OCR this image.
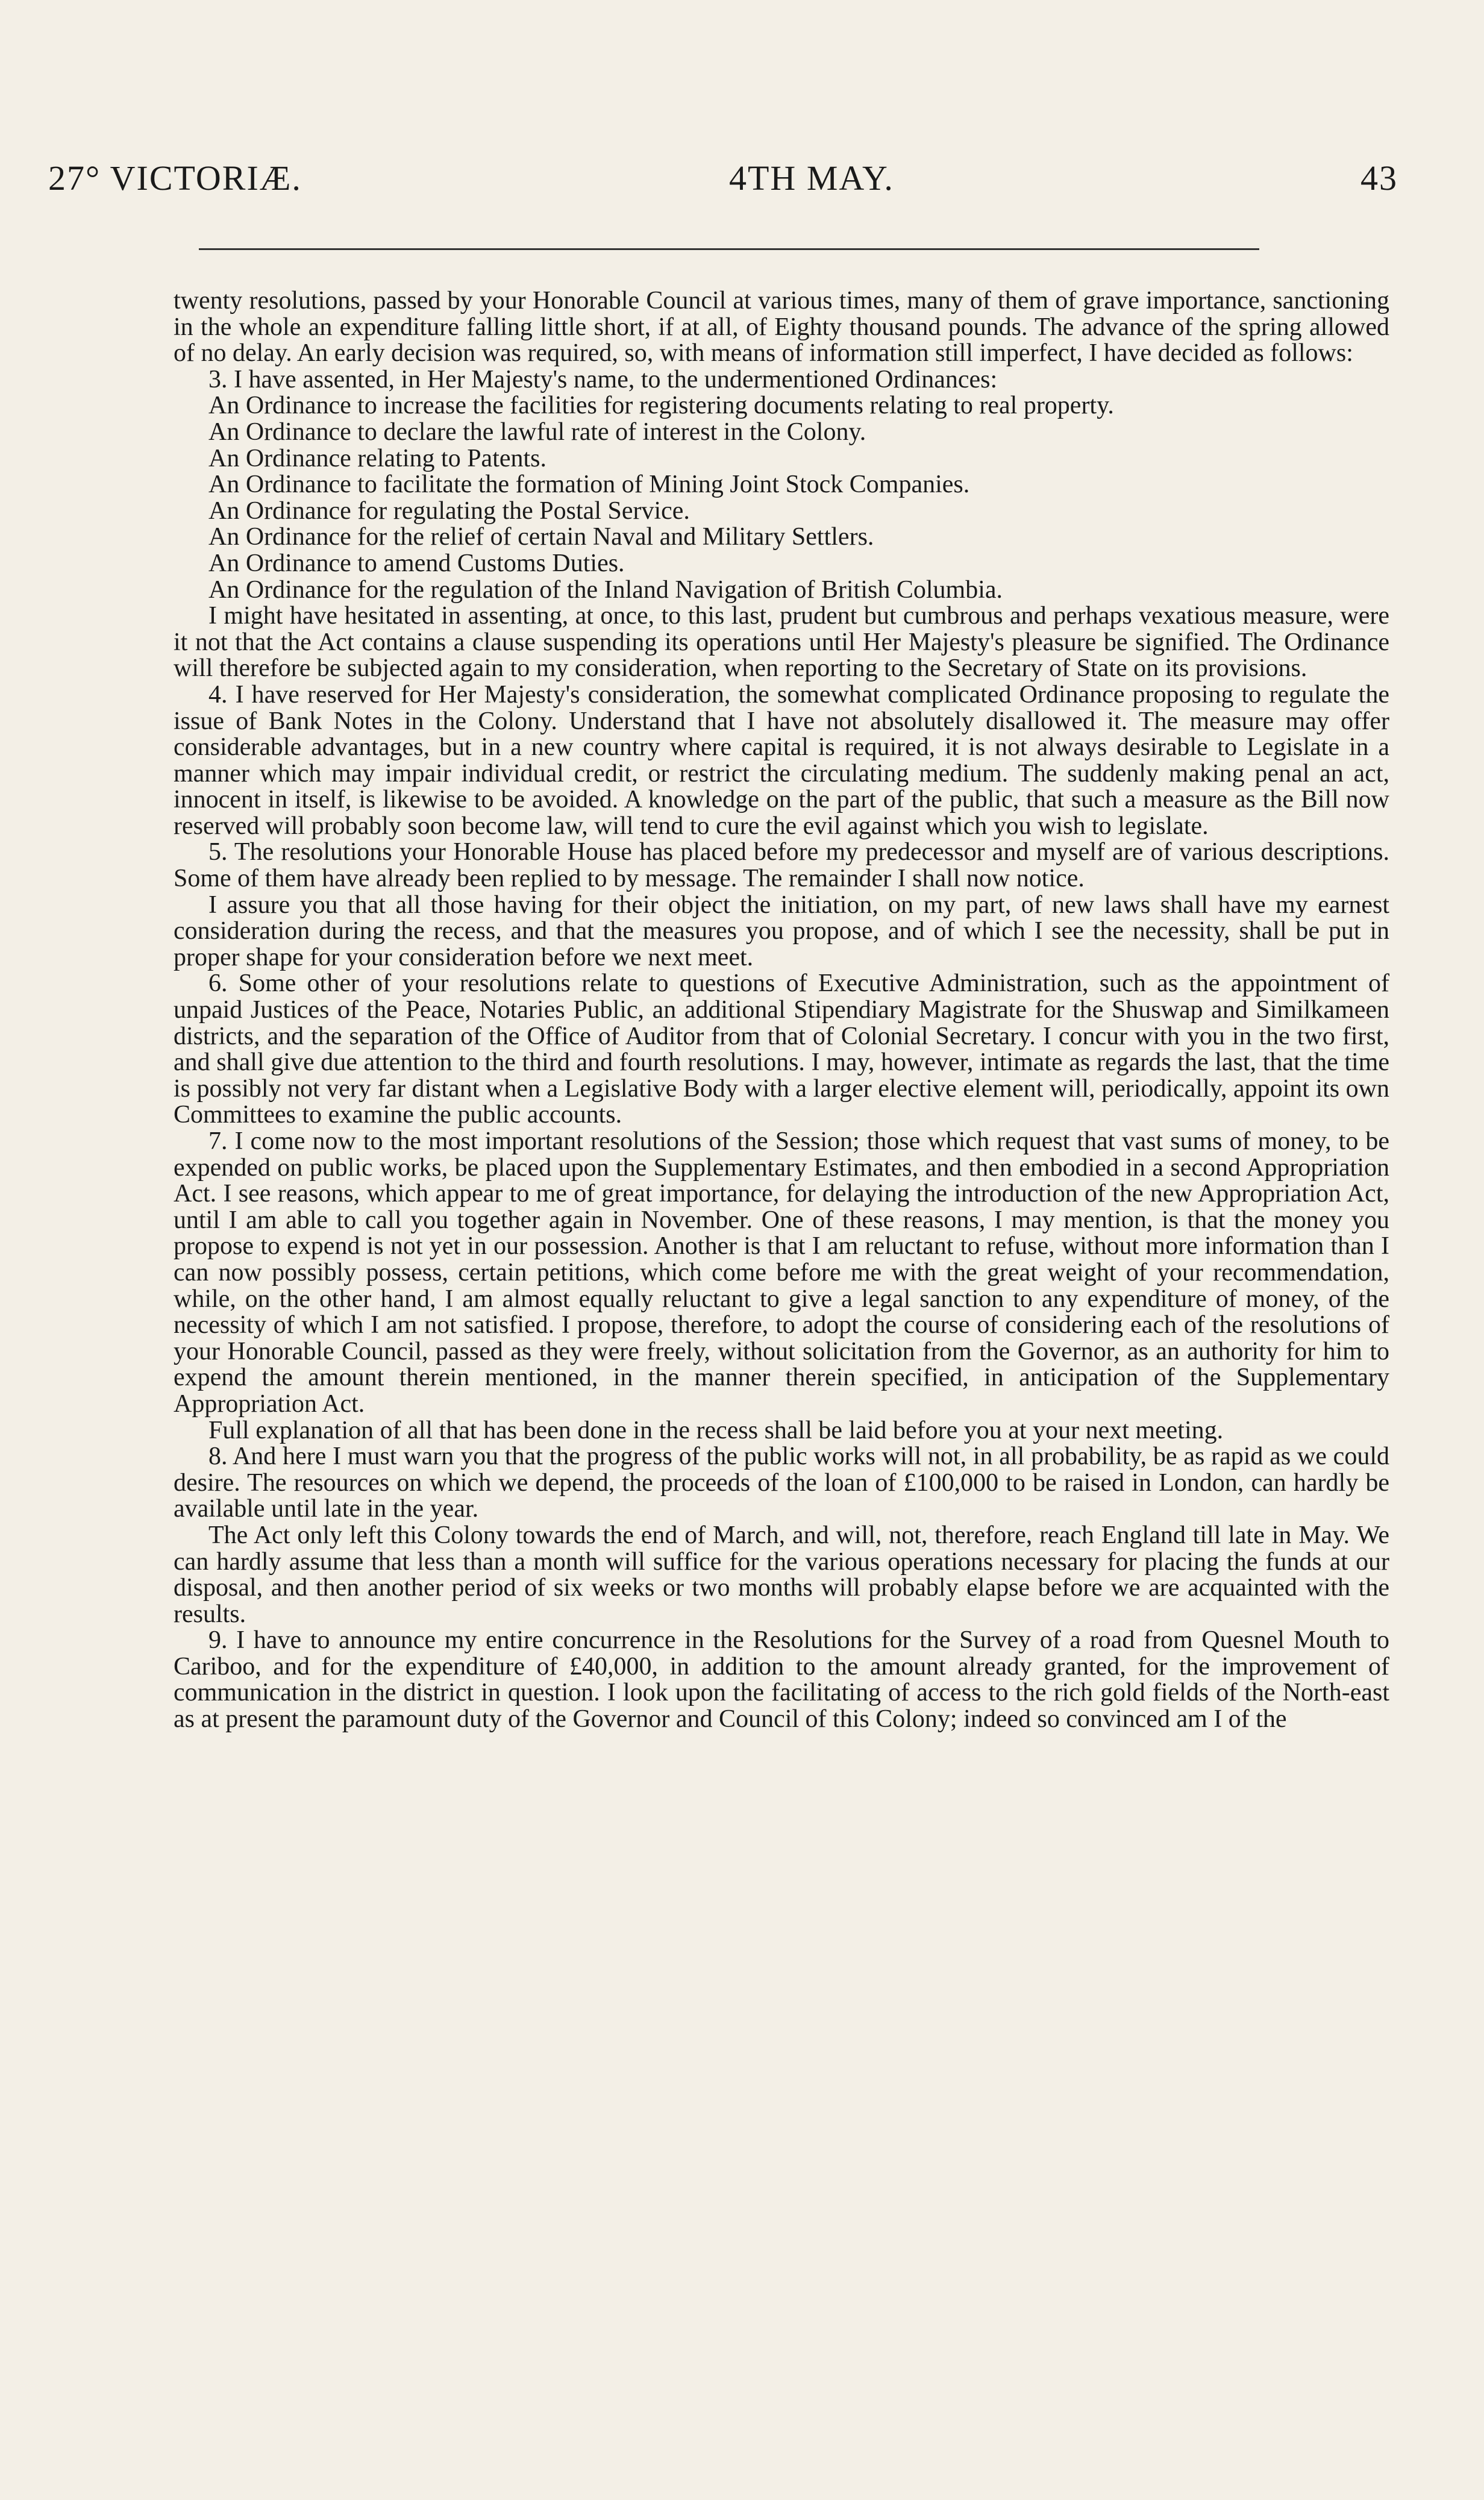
27° VICTORIÆ.	4TH MAY.	43

twenty resolutions, passed by your Honorable Council at various times, many of them of grave importance, sanctioning in the whole an expenditure falling little short, if at all, of Eighty thousand pounds. The advance of the spring allowed of no delay. An early decision was required, so, with means of information still imperfect, I have decided as follows:

3. I have assented, in Her Majesty's name, to the undermentioned Ordinances:

An Ordinance to increase the facilities for registering documents relating to real property.

An Ordinance to declare the lawful rate of interest in the Colony.

An Ordinance relating to Patents.

An Ordinance to facilitate the formation of Mining Joint Stock Companies.

An Ordinance for regulating the Postal Service.

An Ordinance for the relief of certain Naval and Military Settlers.

An Ordinance to amend Customs Duties.

An Ordinance for the regulation of the Inland Navigation of British Columbia.

I might have hesitated in assenting, at once, to this last, prudent but cumbrous and perhaps vexatious measure, were it not that the Act contains a clause suspending its operations until Her Majesty's pleasure be signified. The Ordinance will therefore be subjected again to my consideration, when reporting to the Secretary of State on its provisions.

4. I have reserved for Her Majesty's consideration, the somewhat complicated Ordinance proposing to regulate the issue of Bank Notes in the Colony. Understand that I have not absolutely disallowed it. The measure may offer considerable advantages, but in a new country where capital is required, it is not always desirable to Legislate in a manner which may impair individual credit, or restrict the circulating medium. The suddenly making penal an act, innocent in itself, is likewise to be avoided. A knowledge on the part of the public, that such a measure as the Bill now reserved will probably soon become law, will tend to cure the evil against which you wish to legislate.

5. The resolutions your Honorable House has placed before my predecessor and myself are of various descriptions. Some of them have already been replied to by message. The remainder I shall now notice.

I assure you that all those having for their object the initiation, on my part, of new laws shall have my earnest consideration during the recess, and that the measures you propose, and of which I see the necessity, shall be put in proper shape for your consideration before we next meet.

6. Some other of your resolutions relate to questions of Executive Administration, such as the appointment of unpaid Justices of the Peace, Notaries Public, an additional Stipendiary Magistrate for the Shuswap and Similkameen districts, and the separation of the Office of Auditor from that of Colonial Secretary. I concur with you in the two first, and shall give due attention to the third and fourth resolutions. I may, however, intimate as regards the last, that the time is possibly not very far distant when a Legislative Body with a larger elective element will, periodically, appoint its own Committees to examine the public accounts.

7. I come now to the most important resolutions of the Session; those which request that vast sums of money, to be expended on public works, be placed upon the Supplementary Estimates, and then embodied in a second Appropriation Act. I see reasons, which appear to me of great importance, for delaying the introduction of the new Appropriation Act, until I am able to call you together again in November. One of these reasons, I may mention, is that the money you propose to expend is not yet in our possession. Another is that I am reluctant to refuse, without more information than I can now possibly possess, certain petitions, which come before me with the great weight of your recommendation, while, on the other hand, I am almost equally reluctant to give a legal sanction to any expenditure of money, of the necessity of which I am not satisfied. I propose, therefore, to adopt the course of considering each of the resolutions of your Honorable Council, passed as they were freely, without solicitation from the Governor, as an authority for him to expend the amount therein mentioned, in the manner therein specified, in anticipation of the Supplementary Appropriation Act.

Full explanation of all that has been done in the recess shall be laid before you at your next meeting.

8. And here I must warn you that the progress of the public works will not, in all probability, be as rapid as we could desire. The resources on which we depend, the proceeds of the loan of £100,000 to be raised in London, can hardly be available until late in the year.

The Act only left this Colony towards the end of March, and will, not, therefore, reach England till late in May. We can hardly assume that less than a month will suffice for the various operations necessary for placing the funds at our disposal, and then another period of six weeks or two months will probably elapse before we are acquainted with the results.

9. I have to announce my entire concurrence in the Resolutions for the Survey of a road from Quesnel Mouth to Cariboo, and for the expenditure of £40,000, in addition to the amount already granted, for the improvement of communication in the district in question. I look upon the facilitating of access to the rich gold fields of the North-east as at present the paramount duty of the Governor and Council of this Colony; indeed so convinced am I of the
